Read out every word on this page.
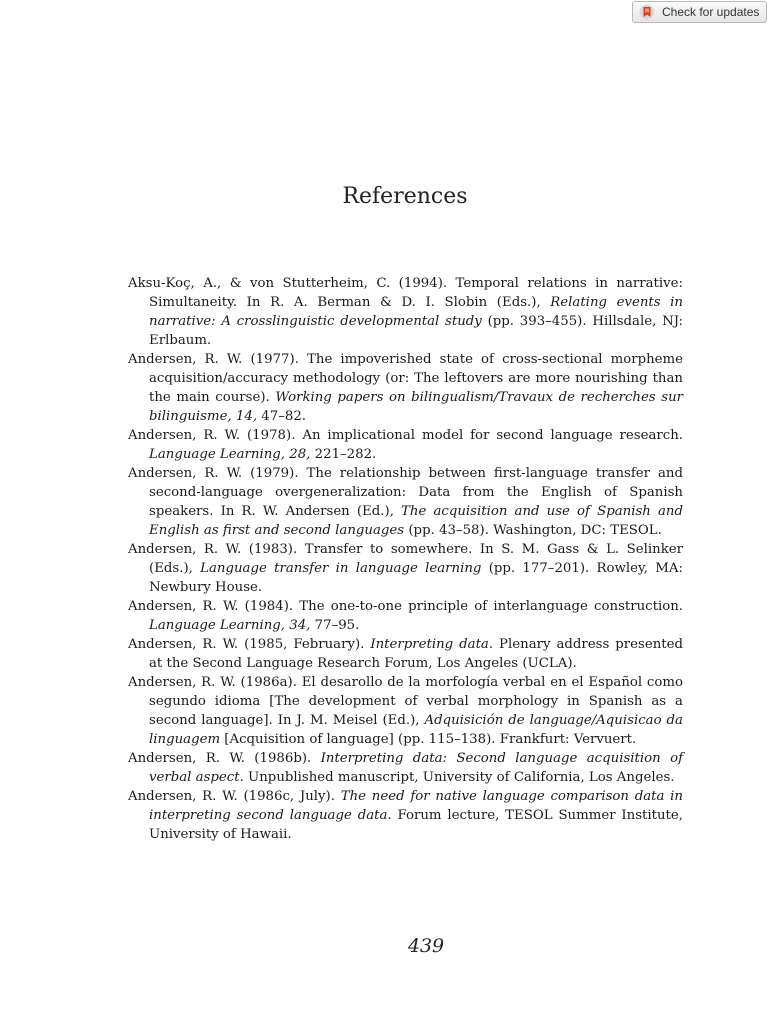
Check for updates
References
Aksu-Koç, A., & von Stutterheim, C. (1994). Temporal relations in narrative: Simultaneity. In R. A. Berman & D. I. Slobin (Eds.), Relating events in narrative: A crosslinguistic developmental study (pp. 393–455). Hillsdale, NJ: Erlbaum.
Andersen, R. W. (1977). The impoverished state of cross-sectional morpheme acquisition/accuracy methodology (or: The leftovers are more nourishing than the main course). Working papers on bilingualism/Travaux de recherches sur bilinguisme, 14, 47–82.
Andersen, R. W. (1978). An implicational model for second language research. Language Learning, 28, 221–282.
Andersen, R. W. (1979). The relationship between first-language transfer and second-language overgeneralization: Data from the English of Spanish speakers. In R. W. Andersen (Ed.), The acquisition and use of Spanish and English as first and second languages (pp. 43–58). Washington, DC: TESOL.
Andersen, R. W. (1983). Transfer to somewhere. In S. M. Gass & L. Selinker (Eds.), Language transfer in language learning (pp. 177–201). Rowley, MA: Newbury House.
Andersen, R. W. (1984). The one-to-one principle of interlanguage construction. Language Learning, 34, 77–95.
Andersen, R. W. (1985, February). Interpreting data. Plenary address presented at the Second Language Research Forum, Los Angeles (UCLA).
Andersen, R. W. (1986a). El desarollo de la morfología verbal en el Español como segundo idioma [The development of verbal morphology in Spanish as a second language]. In J. M. Meisel (Ed.), Adquisición de language/Aquisicao da linguagem [Acquisition of language] (pp. 115–138). Frankfurt: Vervuert.
Andersen, R. W. (1986b). Interpreting data: Second language acquisition of verbal aspect. Unpublished manuscript, University of California, Los Angeles.
Andersen, R. W. (1986c, July). The need for native language comparison data in interpreting second language data. Forum lecture, TESOL Summer Institute, University of Hawaii.
439
